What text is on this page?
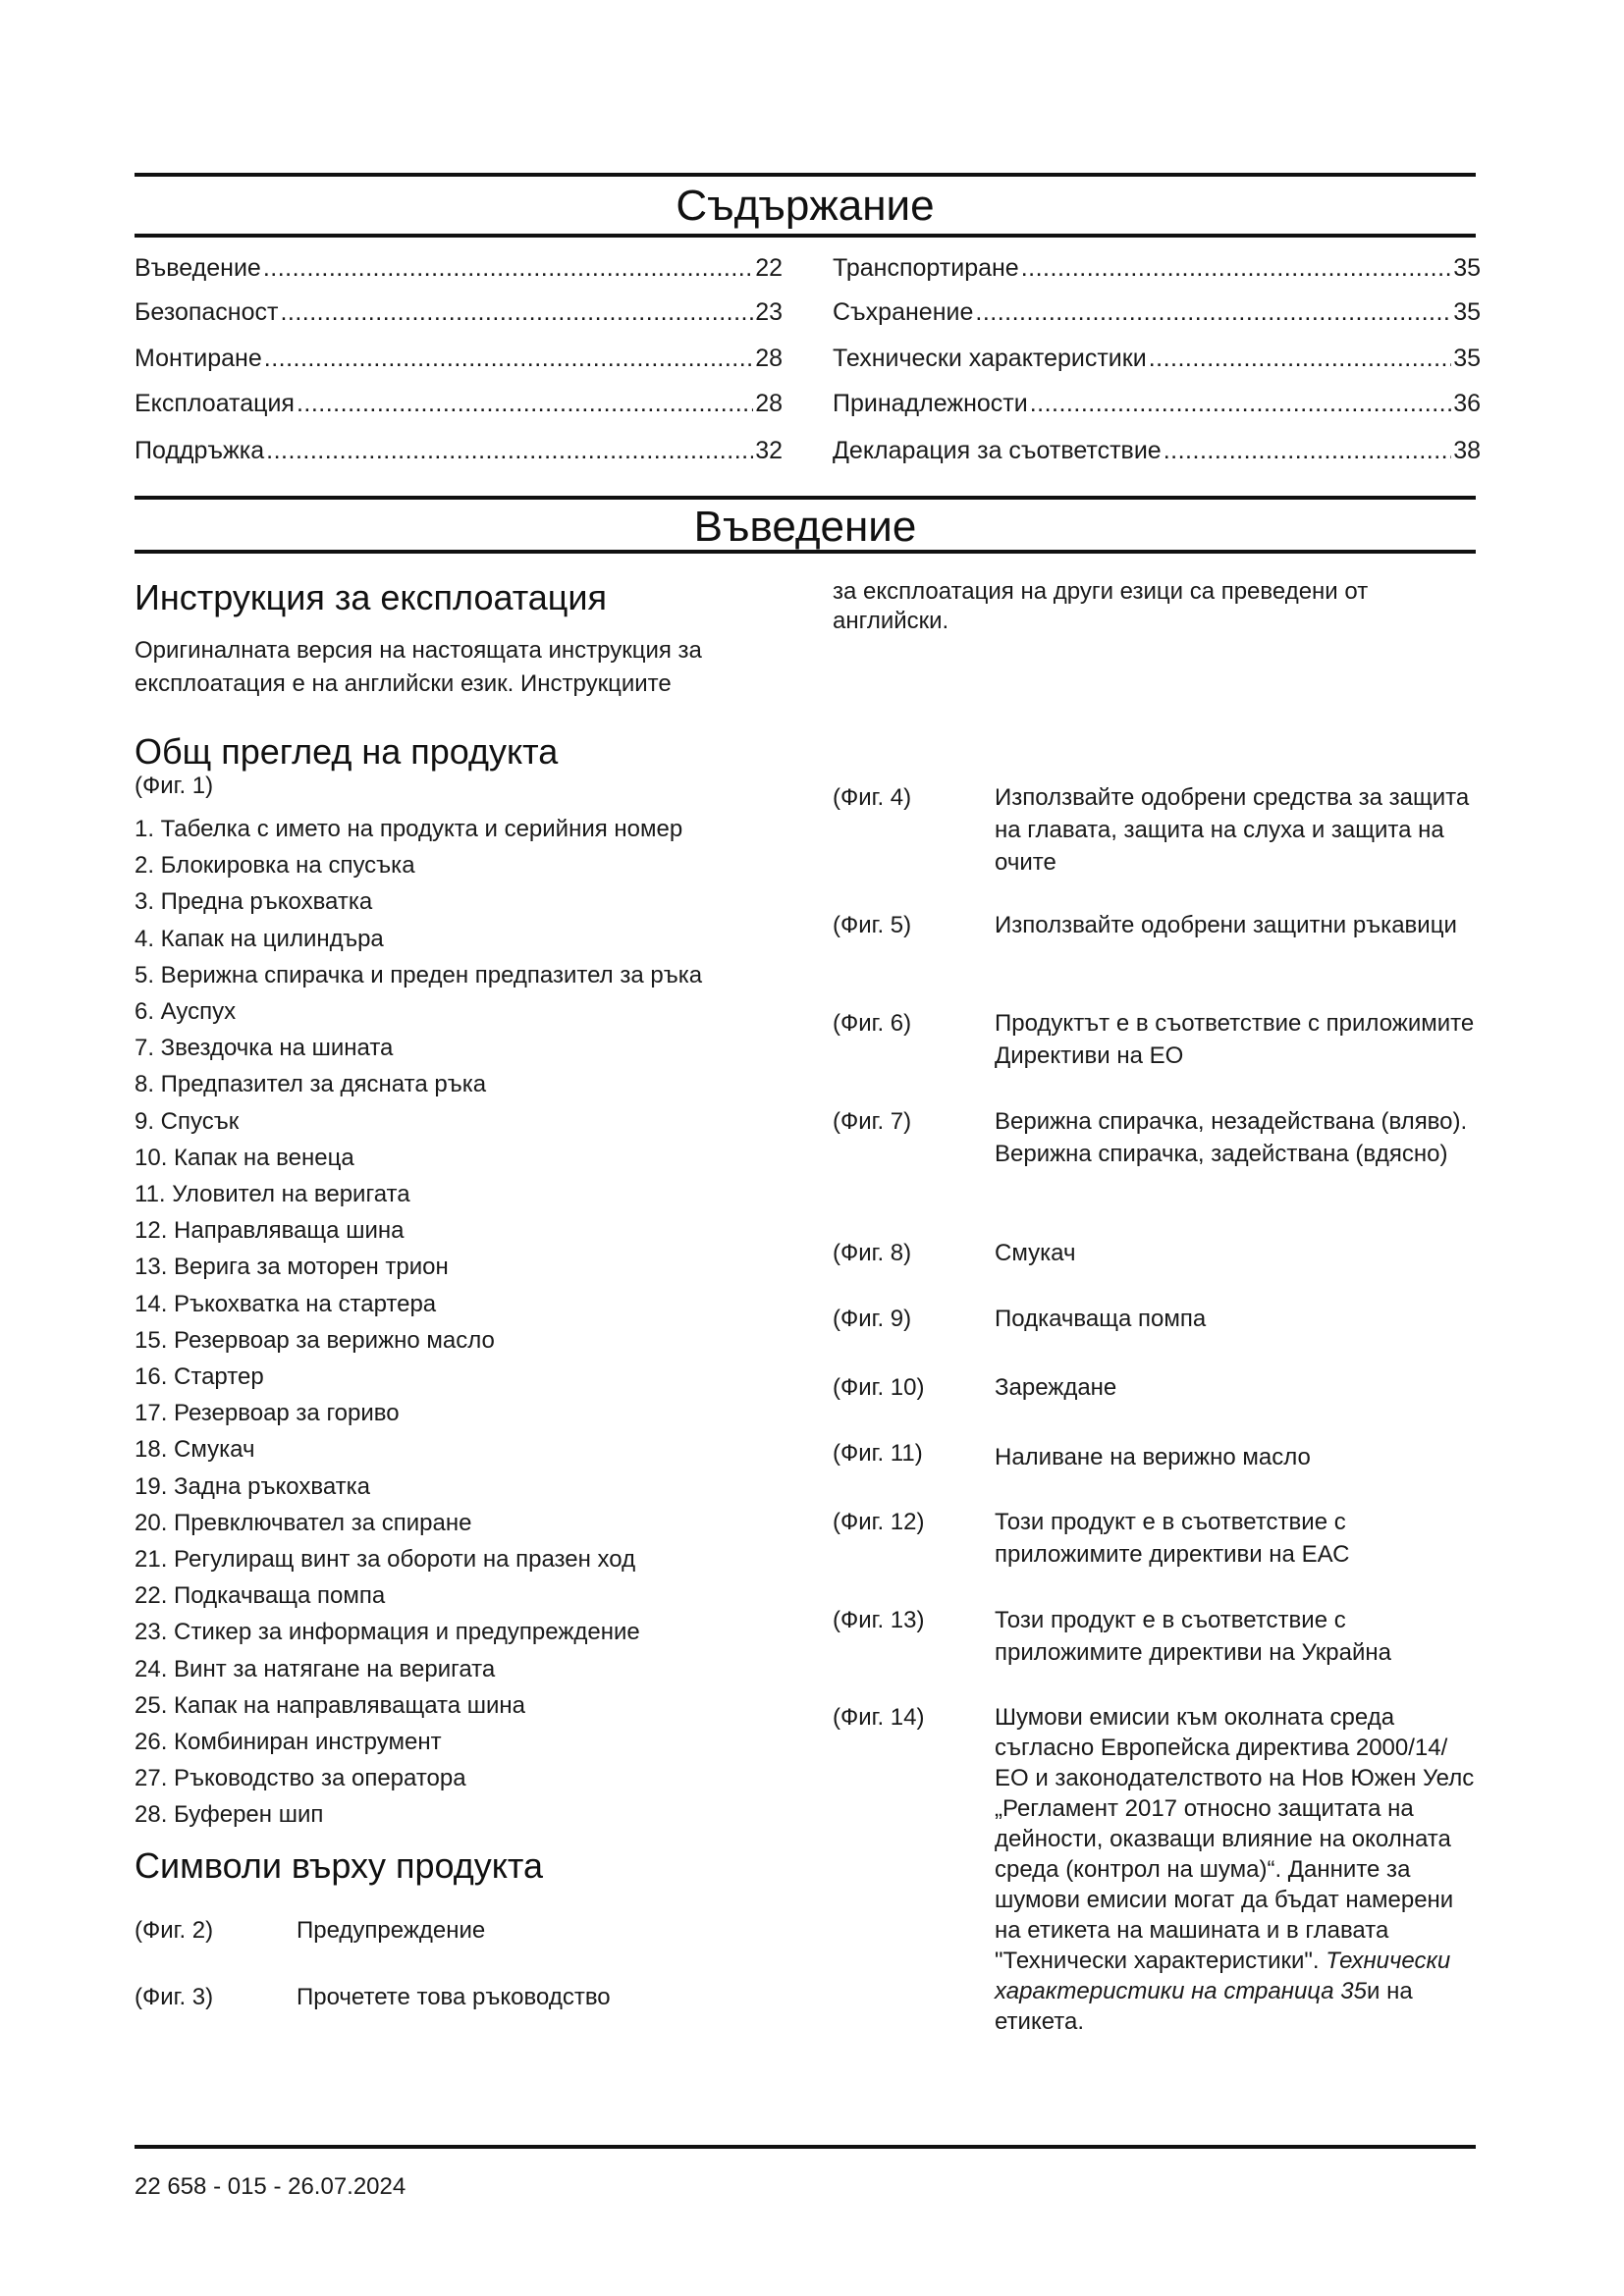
Съдържание
Въведение .....	22
Безопасност .....	23
Монтиране .....	28
Експлоатация .....	28
Поддръжка .....	32
Транспортиране .....	35
Съхранение .....	35
Технически характеристики .....	35
Принадлежности .....	36
Декларация за съответствие .....	38
Въведение
Инструкция за експлоатация
Оригиналната версия на настоящата инструкция за експлоатация е на английски език. Инструкциите
за експлоатация на други езици са преведени от английски.
Общ преглед на продукта
(Фиг. 1)
1. Табелка с името на продукта и серийния номер
2. Блокировка на спусъка
3. Предна ръкохватка
4. Капак на цилиндъра
5. Верижна спирачка и преден предпазител за ръка
6. Ауспух
7. Звездочка на шината
8. Предпазител за дясната ръка
9. Спусък
10. Капак на венеца
11. Уловител на веригата
12. Направляваща шина
13. Верига за моторен трион
14. Ръкохватка на стартера
15. Резервоар за верижно масло
16. Стартер
17. Резервоар за гориво
18. Смукач
19. Задна ръкохватка
20. Превключвател за спиране
21. Регулиращ винт за обороти на празен ход
22. Подкачваща помпа
23. Стикер за информация и предупреждение
24. Винт за натягане на веригата
25. Капак на направляващата шина
26. Комбиниран инструмент
27. Ръководство за оператора
28. Буферен шип
Символи върху продукта
(Фиг. 2)	Предупреждение
(Фиг. 3)	Прочетете това ръководство
(Фиг. 4)	Използвайте одобрени средства за защита на главата, защита на слуха и защита на очите
(Фиг. 5)	Използвайте одобрени защитни ръкавици
(Фиг. 6)	Продуктът е в съответствие с приложимите Директиви на ЕО
(Фиг. 7)	Верижна спирачка, незадействана (вляво). Верижна спирачка, задействана (вдясно)
(Фиг. 8)	Смукач
(Фиг. 9)	Подкачваща помпа
(Фиг. 10)	Зареждане
(Фиг. 11)	Наливане на верижно масло
(Фиг. 12)	Този продукт е в съответствие с приложимите директиви на ЕАС
(Фиг. 13)	Този продукт е в съответствие с приложимите директиви на Украйна
(Фиг. 14)	Шумови емисии към околната среда съгласно Европейска директива 2000/14/ЕО и законодателството на Нов Южен Уелс „Регламент 2017 относно защитата на дейности, оказващи влияние на околната среда (контрол на шума)“. Данните за шумови емисии могат да бъдат намерени на етикета на машината и в главата "Технически характеристики". Технически характеристики на страница 35и на етикета.
22 658 - 015 - 26.07.2024
